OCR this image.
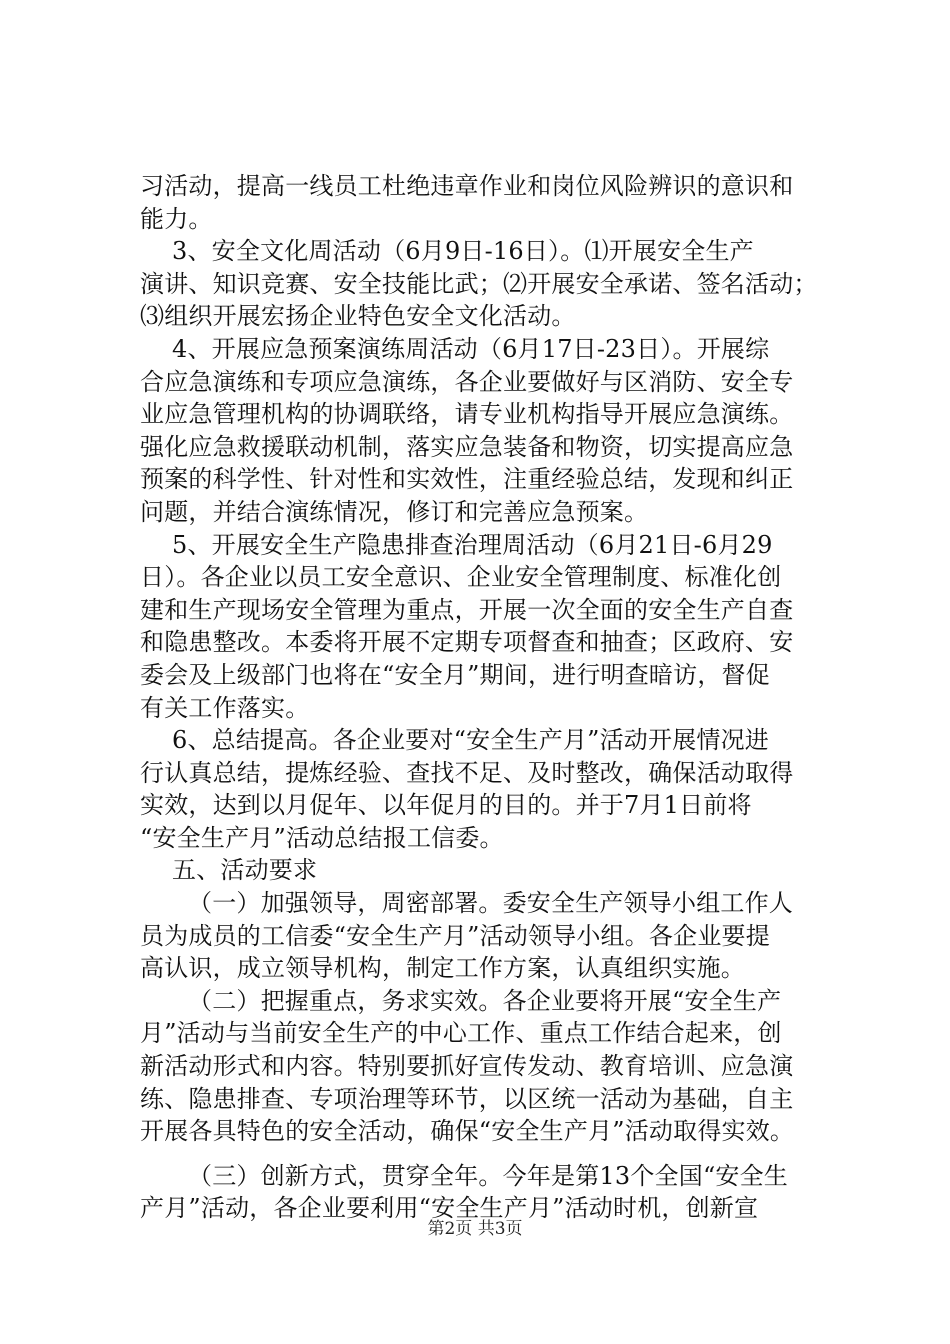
习活动，提高一线员工杜绝违章作业和岗位风险辨识的意识和
能力。
3、安全文化周活动（6月9日-16日）。⑴开展安全生产
演讲、知识竞赛、安全技能比武；⑵开展安全承诺、签名活动；
⑶组织开展宏扬企业特色安全文化活动。
4、开展应急预案演练周活动（6月17日-23日）。开展综
合应急演练和专项应急演练，各企业要做好与区消防、安全专
业应急管理机构的协调联络，请专业机构指导开展应急演练。
强化应急救援联动机制，落实应急装备和物资，切实提高应急
预案的科学性、针对性和实效性，注重经验总结，发现和纠正
问题，并结合演练情况，修订和完善应急预案。
5、开展安全生产隐患排查治理周活动（6月21日-6月29
日）。各企业以员工安全意识、企业安全管理制度、标准化创
建和生产现场安全管理为重点，开展一次全面的安全生产自查
和隐患整改。本委将开展不定期专项督查和抽查；区政府、安
委会及上级部门也将在“安全月”期间，进行明查暗访，督促
有关工作落实。
6、总结提高。各企业要对“安全生产月”活动开展情况进
行认真总结，提炼经验、查找不足、及时整改，确保活动取得
实效，达到以月促年、以年促月的目的。并于7月1日前将
“安全生产月”活动总结报工信委。
五、活动要求
（一）加强领导，周密部署。委安全生产领导小组工作人
员为成员的工信委“安全生产月”活动领导小组。各企业要提
高认识，成立领导机构，制定工作方案，认真组织实施。
（二）把握重点，务求实效。各企业要将开展“安全生产
月”活动与当前安全生产的中心工作、重点工作结合起来，创
新活动形式和内容。特别要抓好宣传发动、教育培训、应急演
练、隐患排查、专项治理等环节，以区统一活动为基础，自主
开展各具特色的安全活动，确保“安全生产月”活动取得实效。
（三）创新方式，贯穿全年。今年是第13个全国“安全生
产月”活动，各企业要利用“安全生产月”活动时机，创新宣
第2页 共3页
